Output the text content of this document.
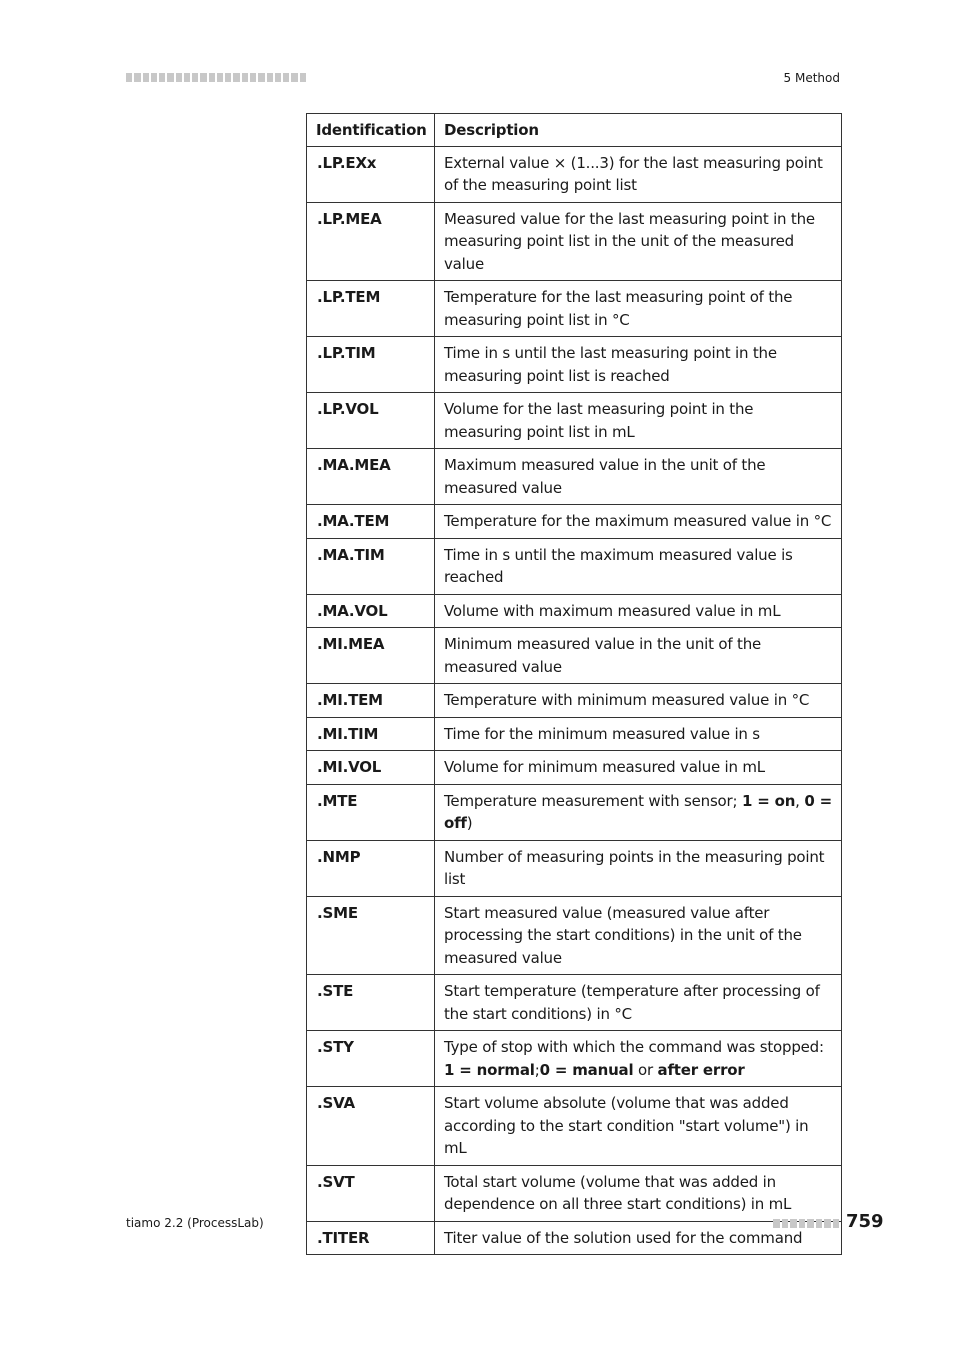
5 Method
Identification	Description
.LP.EXx	External value × (1...3) for the last measuring point of the measuring point list
.LP.MEA	Measured value for the last measuring point in the measuring point list in the unit of the measured value
.LP.TEM	Temperature for the last measuring point of the measuring point list in °C
.LP.TIM	Time in s until the last measuring point in the measuring point list is reached
.LP.VOL	Volume for the last measuring point in the measuring point list in mL
.MA.MEA	Maximum measured value in the unit of the measured value
.MA.TEM	Temperature for the maximum measured value in °C
.MA.TIM	Time in s until the maximum measured value is reached
.MA.VOL	Volume with maximum measured value in mL
.MI.MEA	Minimum measured value in the unit of the measured value
.MI.TEM	Temperature with minimum measured value in °C
.MI.TIM	Time for the minimum measured value in s
.MI.VOL	Volume for minimum measured value in mL
.MTE	Temperature measurement with sensor; 1 = on, 0 = off)
.NMP	Number of measuring points in the measuring point list
.SME	Start measured value (measured value after processing the start conditions) in the unit of the measured value
.STE	Start temperature (temperature after processing of the start conditions) in °C
.STY	Type of stop with which the command was stopped: 1 = normal;0 = manual or after error
.SVA	Start volume absolute (volume that was added according to the start condition "start volume") in mL
.SVT	Total start volume (volume that was added in dependence on all three start conditions) in mL
.TITER	Titer value of the solution used for the command
tiamo 2.2 (ProcessLab)	759
